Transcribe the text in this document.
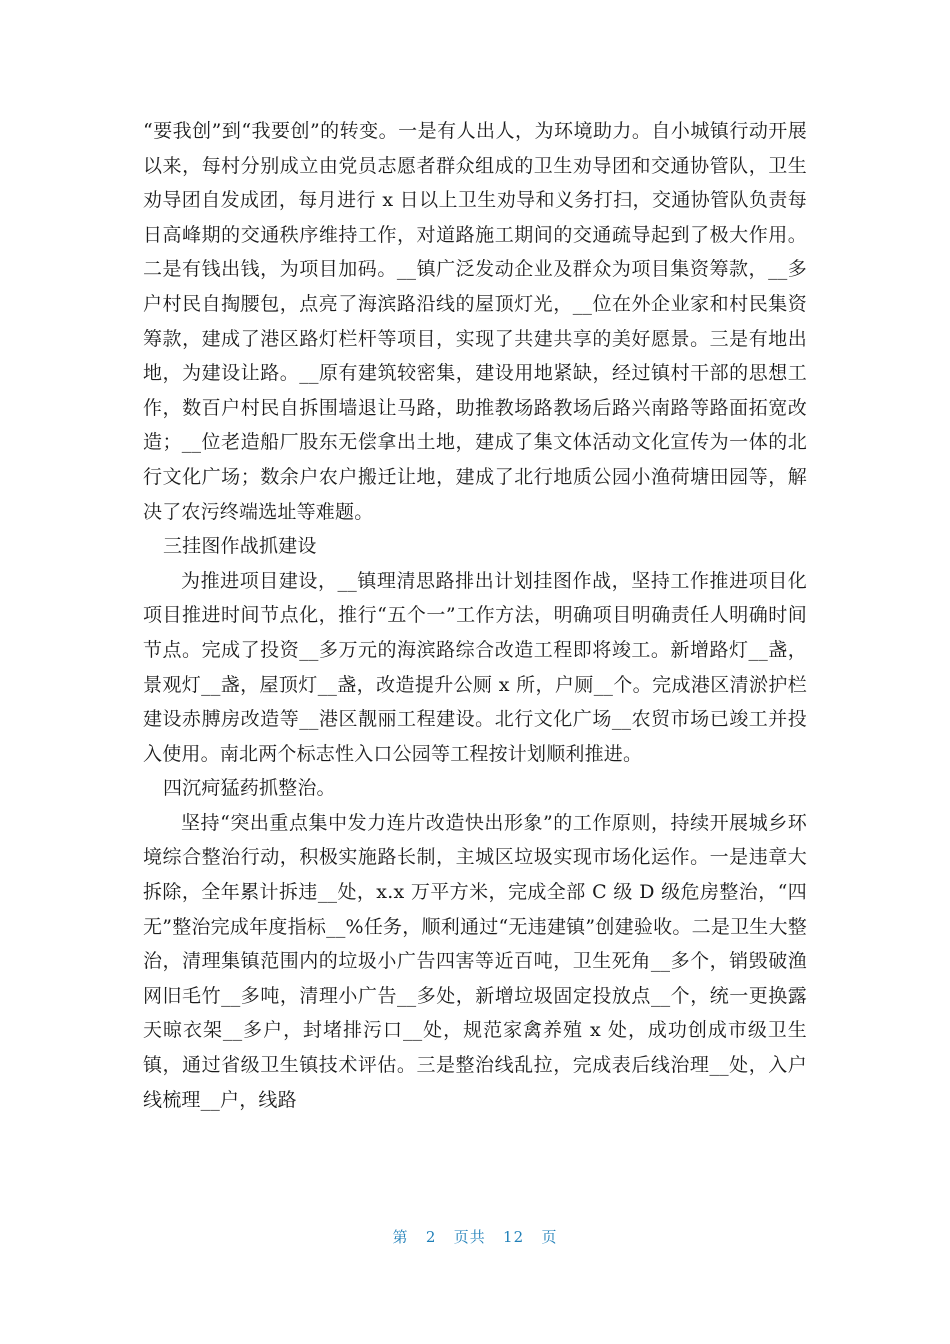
“要我创”到“我要创”的转变。一是有人出人，为环境助力。自小城镇行动开展以来，每村分别成立由党员志愿者群众组成的卫生劝导团和交通协管队，卫生劝导团自发成团，每月进行 x 日以上卫生劝导和义务打扫，交通协管队负责每日高峰期的交通秩序维持工作，对道路施工期间的交通疏导起到了极大作用。二是有钱出钱，为项目加码。__镇广泛发动企业及群众为项目集资筹款，__多户村民自掏腰包，点亮了海滨路沿线的屋顶灯光，__位在外企业家和村民集资筹款，建成了港区路灯栏杆等项目，实现了共建共享的美好愿景。三是有地出地，为建设让路。__原有建筑较密集，建设用地紧缺，经过镇村干部的思想工作，数百户村民自拆围墙退让马路，助推教场路教场后路兴南路等路面拓宽改造；__位老造船厂股东无偿拿出土地，建成了集文体活动文化宣传为一体的北行文化广场；数余户农户搬迁让地，建成了北行地质公园小渔荷塘田园等，解决了农污终端选址等难题。

三挂图作战抓建设

为推进项目建设，__镇理清思路排出计划挂图作战，坚持工作推进项目化项目推进时间节点化，推行“五个一”工作方法，明确项目明确责任人明确时间节点。完成了投资__多万元的海滨路综合改造工程即将竣工。新增路灯__盏，景观灯__盏，屋顶灯__盏，改造提升公厕 x 所，户厕__个。完成港区清淤护栏建设赤膊房改造等__港区靓丽工程建设。北行文化广场__农贸市场已竣工并投入使用。南北两个标志性入口公园等工程按计划顺利推进。

四沉疴猛药抓整治。

坚持“突出重点集中发力连片改造快出形象”的工作原则，持续开展城乡环境综合整治行动，积极实施路长制，主城区垃圾实现市场化运作。一是违章大拆除，全年累计拆违__处，x.x 万平方米，完成全部 C 级 D 级危房整治，“四无”整治完成年度指标__%任务，顺利通过“无违建镇”创建验收。二是卫生大整治，清理集镇范围内的垃圾小广告四害等近百吨，卫生死角__多个，销毁破渔网旧毛竹__多吨，清理小广告__多处，新增垃圾固定投放点__个，统一更换露天晾衣架__多户，封堵排污口__处，规范家禽养殖 x 处，成功创成市级卫生镇，通过省级卫生镇技术评估。三是整治线乱拉，完成表后线治理__处，入户线梳理__户，线路

第 2 页共 12 页
